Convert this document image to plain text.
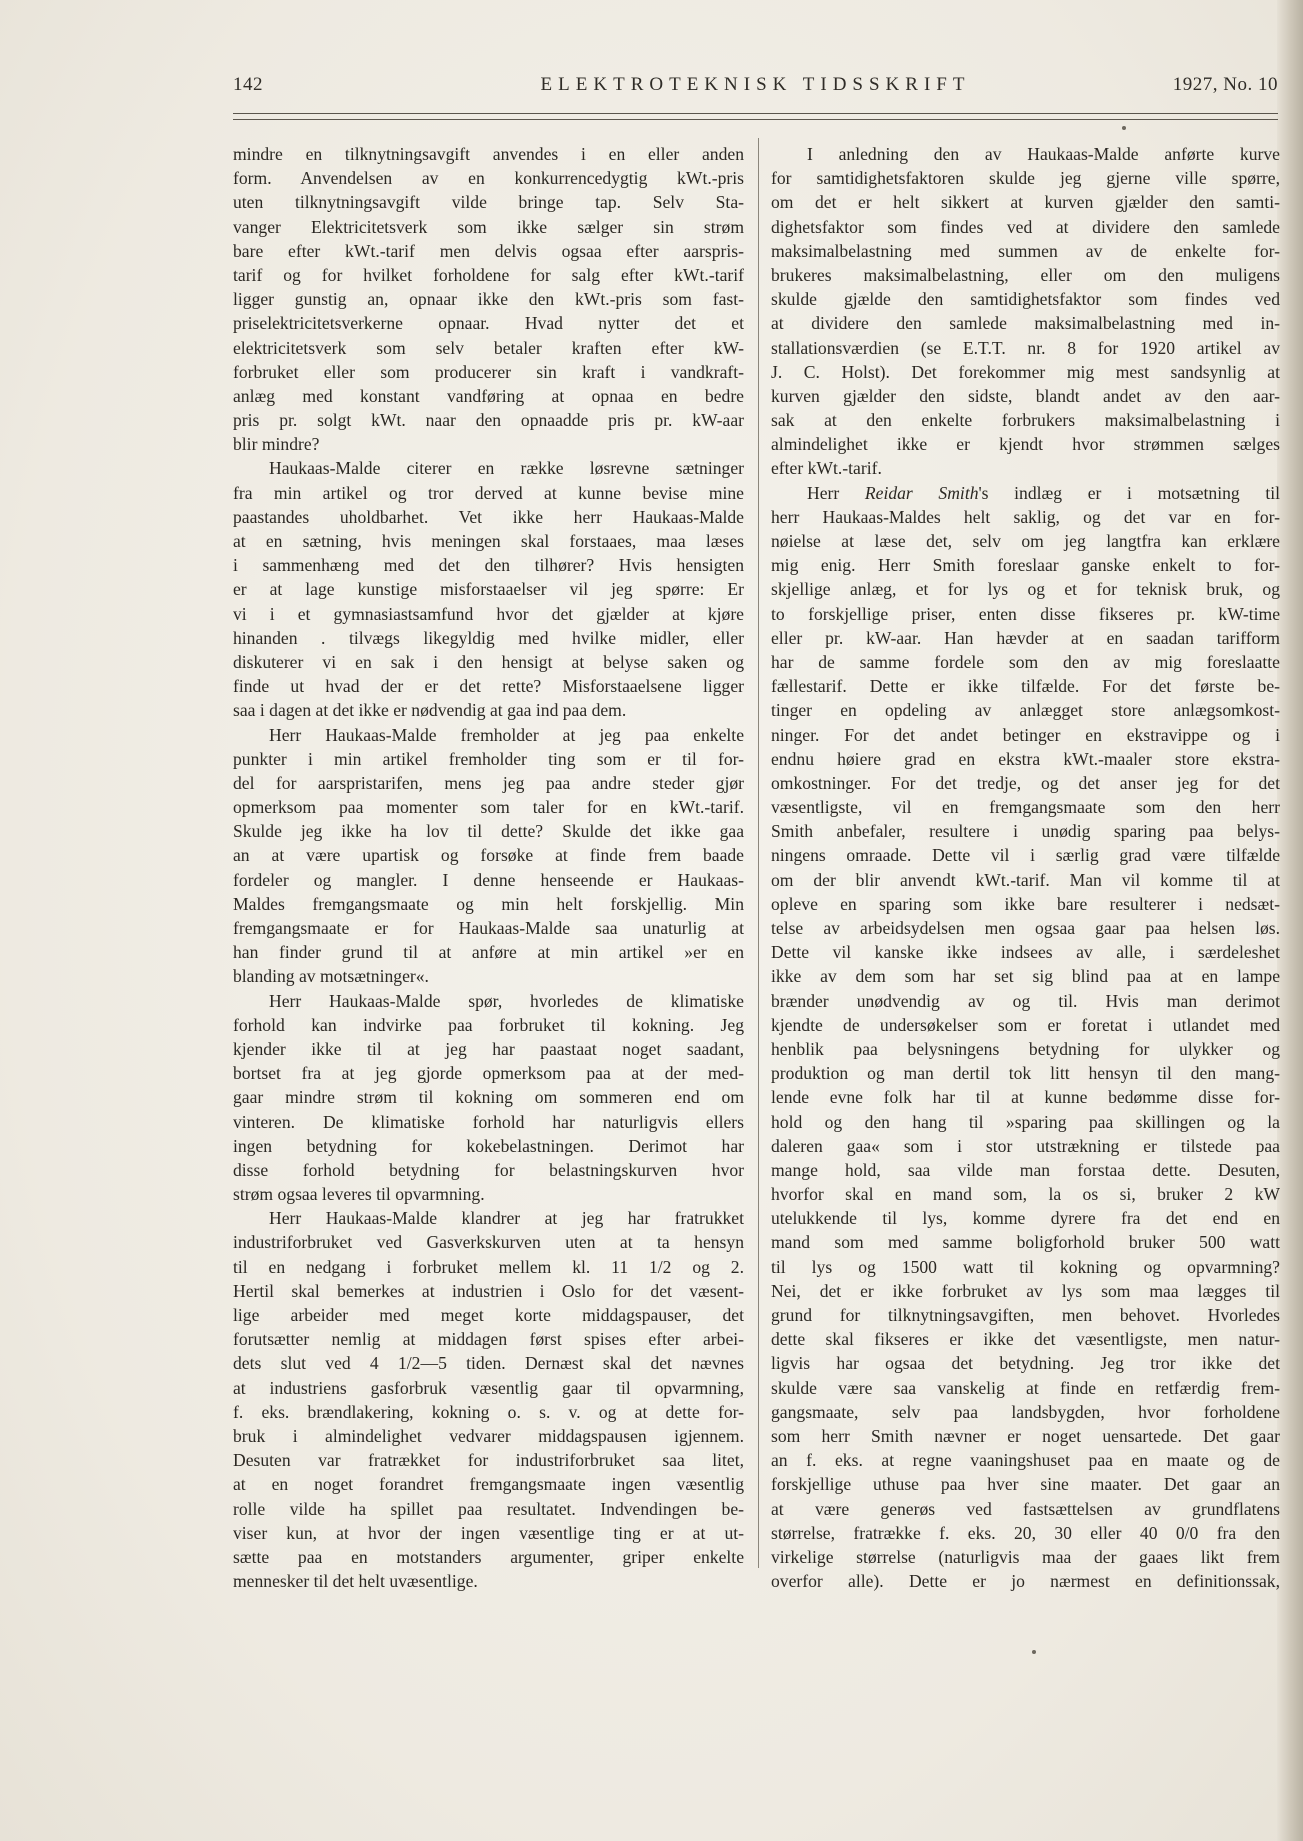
142	ELEKTROTEKNISK TIDSSKRIFT	1927, No. 10
mindre en tilknytningsavgift anvendes i en eller anden
form. Anvendelsen av en konkurrencedygtig kWt.-pris
uten tilknytningsavgift vilde bringe tap. Selv Sta-
vanger Elektricitetsverk som ikke sælger sin strøm
bare efter kWt.-tarif men delvis ogsaa efter aarspris-
tarif og for hvilket forholdene for salg efter kWt.-tarif
ligger gunstig an, opnaar ikke den kWt.-pris som fast-
priselektricitetsverkerne opnaar. Hvad nytter det et
elektricitetsverk som selv betaler kraften efter kW-
forbruket eller som producerer sin kraft i vandkraft-
anlæg med konstant vandføring at opnaa en bedre
pris pr. solgt kWt. naar den opnaadde pris pr. kW-aar
blir mindre?
Haukaas-Malde citerer en række løsrevne sætninger
fra min artikel og tror derved at kunne bevise mine
paastandes uholdbarhet. Vet ikke herr Haukaas-Malde
at en sætning, hvis meningen skal forstaaes, maa læses
i sammenhæng med det den tilhører? Hvis hensigten
er at lage kunstige misforstaaelser vil jeg spørre: Er
vi i et gymnasiastsamfund hvor det gjælder at kjøre
hinanden . tilvægs likegyldig med hvilke midler, eller
diskuterer vi en sak i den hensigt at belyse saken og
finde ut hvad der er det rette? Misforstaaelsene ligger
saa i dagen at det ikke er nødvendig at gaa ind paa dem.
Herr Haukaas-Malde fremholder at jeg paa enkelte
punkter i min artikel fremholder ting som er til for-
del for aarspristarifen, mens jeg paa andre steder gjør
opmerksom paa momenter som taler for en kWt.-tarif.
Skulde jeg ikke ha lov til dette? Skulde det ikke gaa
an at være upartisk og forsøke at finde frem baade
fordeler og mangler. I denne henseende er Haukaas-
Maldes fremgangsmaate og min helt forskjellig. Min
fremgangsmaate er for Haukaas-Malde saa unaturlig at
han finder grund til at anføre at min artikel »er en
blanding av motsætninger«.
Herr Haukaas-Malde spør, hvorledes de klimatiske
forhold kan indvirke paa forbruket til kokning. Jeg
kjender ikke til at jeg har paastaat noget saadant,
bortset fra at jeg gjorde opmerksom paa at der med-
gaar mindre strøm til kokning om sommeren end om
vinteren. De klimatiske forhold har naturligvis ellers
ingen betydning for kokebelastningen. Derimot har
disse forhold betydning for belastningskurven hvor
strøm ogsaa leveres til opvarmning.
Herr Haukaas-Malde klandrer at jeg har fratrukket
industriforbruket ved Gasverkskurven uten at ta hensyn
til en nedgang i forbruket mellem kl. 11 1/2 og 2.
Hertil skal bemerkes at industrien i Oslo for det væsent-
lige arbeider med meget korte middagspauser, det
forutsætter nemlig at middagen først spises efter arbei-
dets slut ved 4 1/2—5 tiden. Dernæst skal det nævnes
at industriens gasforbruk væsentlig gaar til opvarmning,
f. eks. brændlakering, kokning o. s. v. og at dette for-
bruk i almindelighet vedvarer middagspausen igjennem.
Desuten var fratrækket for industriforbruket saa litet,
at en noget forandret fremgangsmaate ingen væsentlig
rolle vilde ha spillet paa resultatet. Indvendingen be-
viser kun, at hvor der ingen væsentlige ting er at ut-
sætte paa en motstanders argumenter, griper enkelte
mennesker til det helt uvæsentlige.
I anledning den av Haukaas-Malde anførte kurve
for samtidighetsfaktoren skulde jeg gjerne ville spørre,
om det er helt sikkert at kurven gjælder den samti-
dighetsfaktor som findes ved at dividere den samlede
maksimalbelastning med summen av de enkelte for-
brukeres maksimalbelastning, eller om den muligens
skulde gjælde den samtidighetsfaktor som findes ved
at dividere den samlede maksimalbelastning med in-
stallationsværdien (se E.T.T. nr. 8 for 1920 artikel av
J. C. Holst). Det forekommer mig mest sandsynlig at
kurven gjælder den sidste, blandt andet av den aar-
sak at den enkelte forbrukers maksimalbelastning i
almindelighet ikke er kjendt hvor strømmen sælges
efter kWt.-tarif.
Herr Reidar Smith's indlæg er i motsætning til
herr Haukaas-Maldes helt saklig, og det var en for-
nøielse at læse det, selv om jeg langtfra kan erklære
mig enig. Herr Smith foreslaar ganske enkelt to for-
skjellige anlæg, et for lys og et for teknisk bruk, og
to forskjellige priser, enten disse fikseres pr. kW-time
eller pr. kW-aar. Han hævder at en saadan tarifform
har de samme fordele som den av mig foreslaatte
fællestarif. Dette er ikke tilfælde. For det første be-
tinger en opdeling av anlægget store anlægsomkost-
ninger. For det andet betinger en ekstravippe og i
endnu høiere grad en ekstra kWt.-maaler store ekstra-
omkostninger. For det tredje, og det anser jeg for det
væsentligste, vil en fremgangsmaate som den herr
Smith anbefaler, resultere i unødig sparing paa belys-
ningens omraade. Dette vil i særlig grad være tilfælde
om der blir anvendt kWt.-tarif. Man vil komme til at
opleve en sparing som ikke bare resulterer i nedsæt-
telse av arbeidsydelsen men ogsaa gaar paa helsen løs.
Dette vil kanske ikke indsees av alle, i særdeleshet
ikke av dem som har set sig blind paa at en lampe
brænder unødvendig av og til. Hvis man derimot
kjendte de undersøkelser som er foretat i utlandet med
henblik paa belysningens betydning for ulykker og
produktion og man dertil tok litt hensyn til den mang-
lende evne folk har til at kunne bedømme disse for-
hold og den hang til »sparing paa skillingen og la
daleren gaa« som i stor utstrækning er tilstede paa
mange hold, saa vilde man forstaa dette. Desuten,
hvorfor skal en mand som, la os si, bruker 2 kW
utelukkende til lys, komme dyrere fra det end en
mand som med samme boligforhold bruker 500 watt
til lys og 1500 watt til kokning og opvarmning?
Nei, det er ikke forbruket av lys som maa lægges til
grund for tilknytningsavgiften, men behovet. Hvorledes
dette skal fikseres er ikke det væsentligste, men natur-
ligvis har ogsaa det betydning. Jeg tror ikke det
skulde være saa vanskelig at finde en retfærdig frem-
gangsmaate, selv paa landsbygden, hvor forholdene
som herr Smith nævner er noget uensartede. Det gaar
an f. eks. at regne vaaningshuset paa en maate og de
forskjellige uthuse paa hver sine maater. Det gaar an
at være generøs ved fastsættelsen av grundflatens
størrelse, fratrække f. eks. 20, 30 eller 40 0/0 fra den
virkelige størrelse (naturligvis maa der gaaes likt frem
overfor alle). Dette er jo nærmest en definitionssak,
